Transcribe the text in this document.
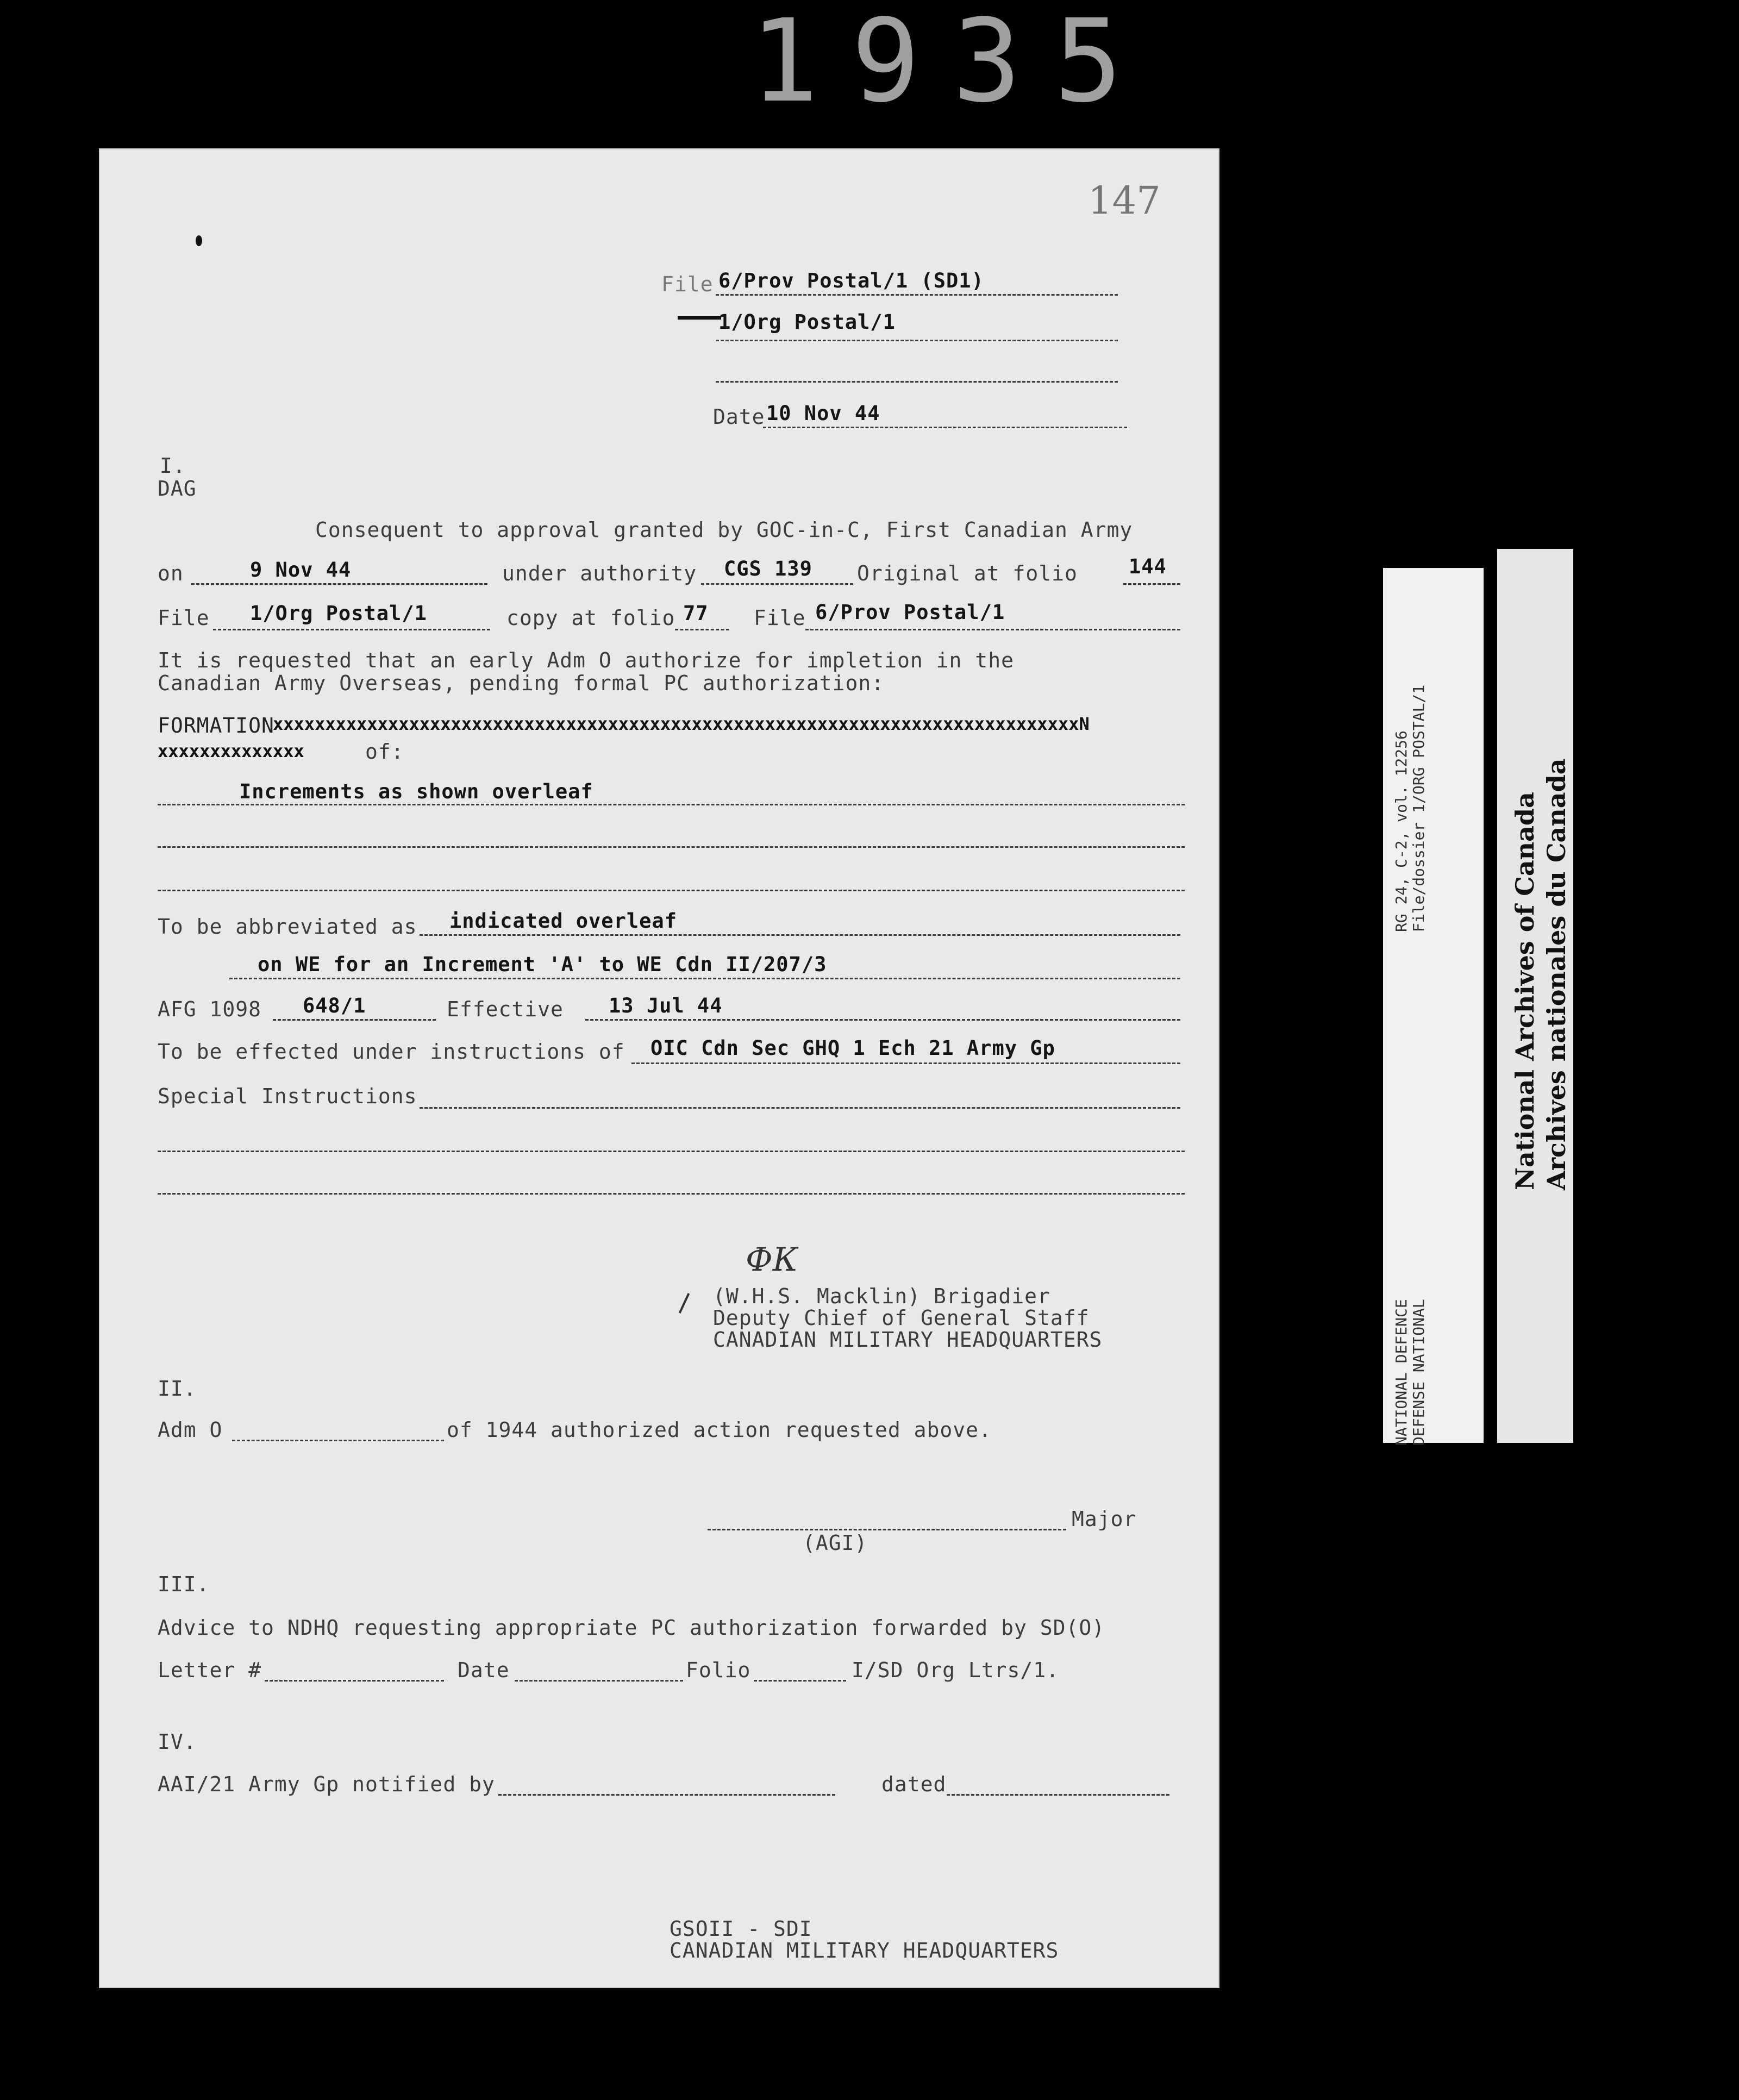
1935
147
File 6/Prov Postal/1 (SD1)
1/Org Postal/1
Date 10 Nov 44
I.
DAG
Consequent to approval granted by GOC-in-C, First Canadian Army
on	9 Nov 44	under authority CGS 139 Original at folio	144
File 1/Org Postal/1	copy at folio 77 File 6/Prov Postal/1
It is requested that an early Adm O authorize for impletion in the
Canadian Army Overseas, pending formal PC authorization:
FORMATION
xxxxxxxxxxxxxxxxxxxxxxxxxxxxxxxxxxxxxxxxxxxxxxxxxxxxxxxxxxxxxxxxxxxxxxxxxxxxxN
xxxxxxxxxxxxxx	of:
Increments as shown overleaf
To be abbreviated as indicated overleaf
on WE for an Increment 'A' to WE Cdn II/207/3
AFG 1098 648/1	Effective 13 Jul 44
To be effected under instructions of OIC Cdn Sec GHQ 1 Ech 21 Army Gp
Special Instructions
ФК
(W.H.S. Macklin) Brigadier
Deputy Chief of General Staff
CANADIAN MILITARY HEADQUARTERS
II.
Adm O	of 1944 authorized action requested above.
Major
(AGI)
III.
Advice to NDHQ requesting appropriate PC authorization forwarded by SD(O)
Letter #	Date	Folio	I/SD Org Ltrs/1.
IV.
AAI/21 Army Gp notified by	dated
GSOII - SDI
CANADIAN MILITARY HEADQUARTERS
NATIONAL DEFENCE DEFENSE NATIONAL
RG 24, C-2, vol. 12256 File/dossier 1/ORG POSTAL/1	National Archives of Canada Archives nationales du Canada
